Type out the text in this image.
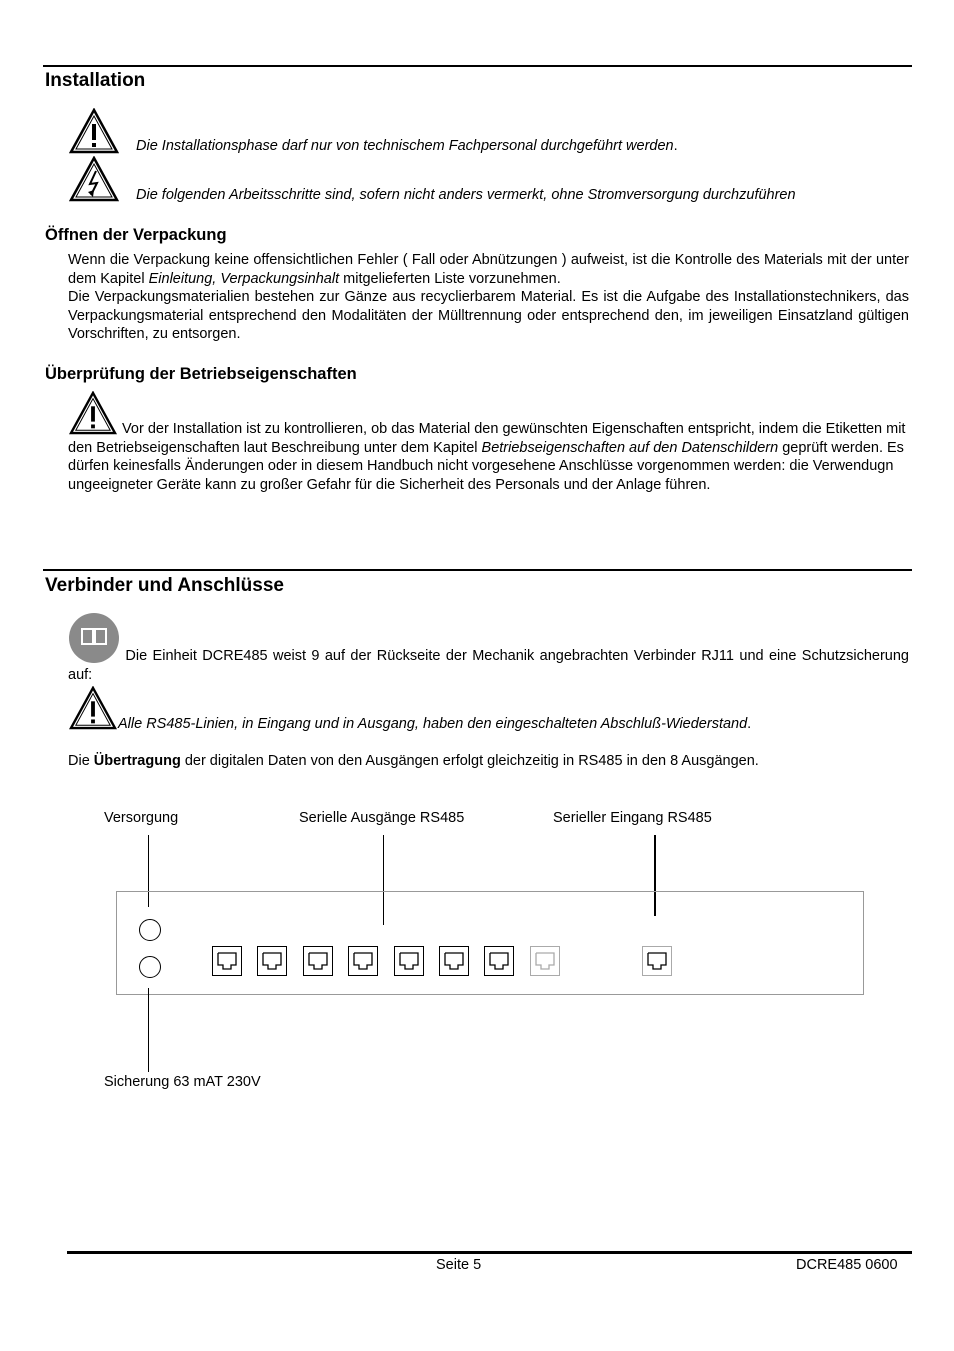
Installation
Die Installationsphase darf nur von technischem Fachpersonal durchgeführt werden.
Die folgenden Arbeitsschritte sind, sofern nicht anders vermerkt, ohne Stromversorgung durchzuführen
Öffnen der Verpackung

Wenn die Verpackung keine offensichtlichen Fehler ( Fall oder Abnützungen ) aufweist, ist die Kontrolle des Materials mit der unter dem Kapitel Einleitung, Verpackungsinhalt mitgelieferten Liste vorzunehmen.

Die Verpackungsmaterialien bestehen zur Gänze aus recyclierbarem Material. Es ist die Aufgabe des Installationstechnikers, das Verpackungsmaterial entsprechend den Modalitäten der Mülltrennung oder entsprechend den, im jeweiligen Einsatzland gültigen Vorschriften, zu entsorgen.

Überprüfung der Betriebseigenschaften
Vor der Installation ist zu kontrollieren, ob das Material den gewünschten Eigenschaften entspricht, indem die Etiketten mit den Betriebseigenschaften laut Beschreibung unter dem Kapitel Betriebseigenschaften auf den Datenschildern geprüft werden. Es dürfen keinesfalls Änderungen oder in diesem Handbuch nicht vorgesehene Anschlüsse vorgenommen werden: die Verwendugn ungeeigneter Geräte kann zu großer Gefahr für die Sicherheit des Personals und der Anlage führen.
Verbinder und Anschlüsse
Die Einheit DCRE485 weist 9 auf der Rückseite der Mechanik angebrachten Verbinder RJ11 und eine Schutzsicherung auf:
Alle RS485-Linien, in Eingang und in Ausgang, haben den eingeschalteten Abschluß-Wiederstand.
Die Übertragung der digitalen Daten von den Ausgängen erfolgt gleichzeitig in RS485 in den 8 Ausgängen.
Versorgung	Serielle Ausgänge RS485	Serieller Eingang RS485
Sicherung 63 mAT 230V
Seite 5	DCRE485 0600
